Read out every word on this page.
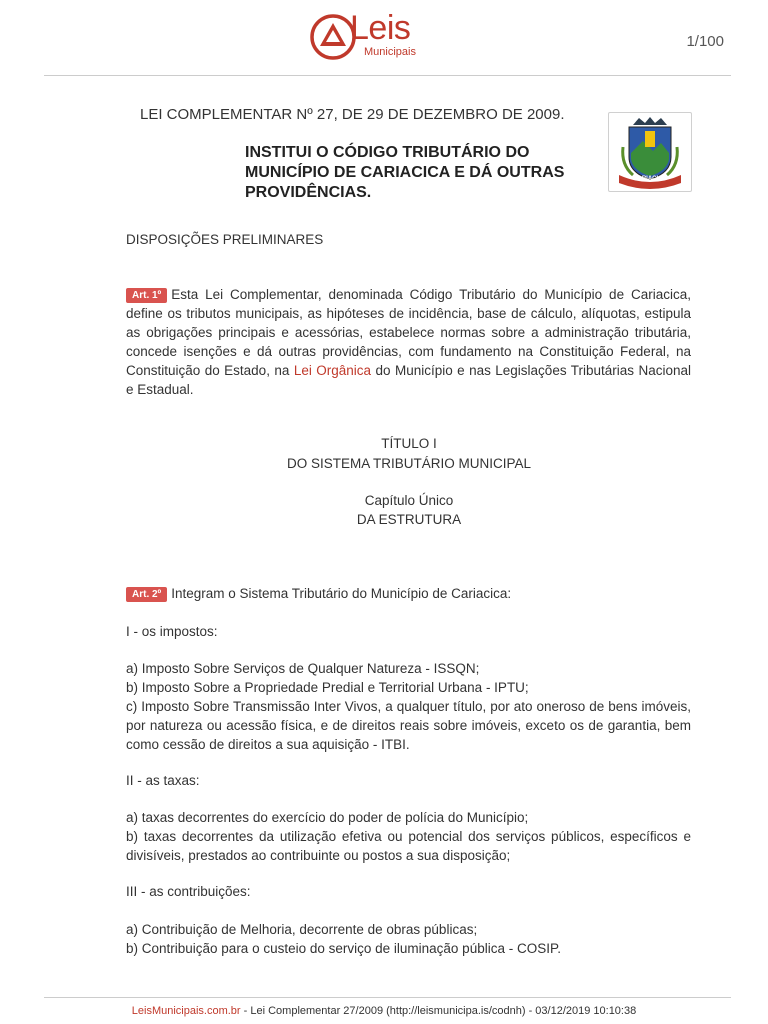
Leis
Municipais
1/100
LEI COMPLEMENTAR Nº 27, DE 29 DE DEZEMBRO DE 2009.
INSTITUI O CÓDIGO TRIBUTÁRIO DO MUNICÍPIO DE CARIACICA E DÁ OUTRAS PROVIDÊNCIAS.
CARIACICA
DISPOSIÇÕES PRELIMINARES
Art. 1º Esta Lei Complementar, denominada Código Tributário do Município de Cariacica, define os tributos municipais, as hipóteses de incidência, base de cálculo, alíquotas, estipula as obrigações principais e acessórias, estabelece normas sobre a administração tributária, concede isenções e dá outras providências, com fundamento na Constituição Federal, na Constituição do Estado, na Lei Orgânica do Município e nas Legislações Tributárias Nacional e Estadual.
TÍTULO I
DO SISTEMA TRIBUTÁRIO MUNICIPAL
Capítulo Único
DA ESTRUTURA
Art. 2º Integram o Sistema Tributário do Município de Cariacica:
I - os impostos:
a) Imposto Sobre Serviços de Qualquer Natureza - ISSQN;
b) Imposto Sobre a Propriedade Predial e Territorial Urbana - IPTU;
c) Imposto Sobre Transmissão Inter Vivos, a qualquer título, por ato oneroso de bens imóveis, por natureza ou acessão física, e de direitos reais sobre imóveis, exceto os de garantia, bem como cessão de direitos a sua aquisição - ITBI.
II - as taxas:
a) taxas decorrentes do exercício do poder de polícia do Município;
b) taxas decorrentes da utilização efetiva ou potencial dos serviços públicos, específicos e divisíveis, prestados ao contribuinte ou postos a sua disposição;
III - as contribuições:
a) Contribuição de Melhoria, decorrente de obras públicas;
b) Contribuição para o custeio do serviço de iluminação pública - COSIP.
LeisMunicipais.com.br - Lei Complementar 27/2009 (http://leismunicipa.is/codnh) - 03/12/2019 10:10:38
